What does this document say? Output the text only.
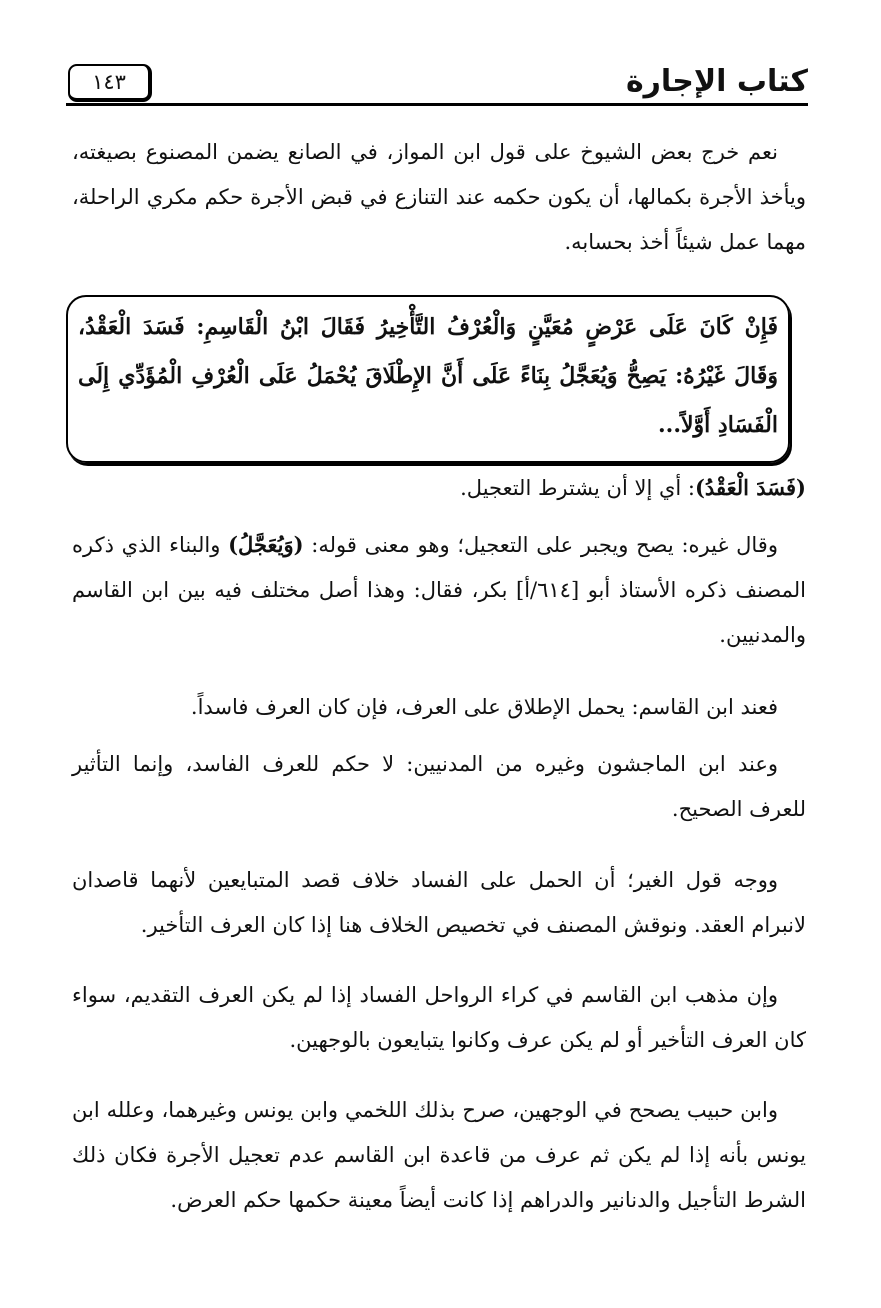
كتاب الإجارة
١٤٣

نعم خرج بعض الشيوخ على قول ابن المواز، في الصانع يضمن المصنوع بصيغته، ويأخذ الأجرة بكمالها، أن يكون حكمه عند التنازع في قبض الأجرة حكم مكري الراحلة، مهما عمل شيئاً أخذ بحسابه.

فَإِنْ كَانَ عَلَى عَرْضٍ مُعَيَّنٍ وَالْعُرْفُ التَّأْخِيرُ فَقَالَ ابْنُ الْقَاسِمِ: فَسَدَ الْعَقْدُ، وَقَالَ غَيْرُهُ: يَصِحُّ وَيُعَجَّلُ بِنَاءً عَلَى أَنَّ الإِطْلَاقَ يُحْمَلُ عَلَى الْعُرْفِ الْمُؤَدِّي إِلَى الْفَسَادِ أَوَّلاً...

(فَسَدَ الْعَقْدُ): أي إلا أن يشترط التعجيل.

وقال غيره: يصح ويجبر على التعجيل؛ وهو معنى قوله: (وَيُعَجَّلُ) والبناء الذي ذكره المصنف ذكره الأستاذ أبو [٦١٤/أ] بكر، فقال: وهذا أصل مختلف فيه بين ابن القاسم والمدنيين.

فعند ابن القاسم: يحمل الإطلاق على العرف، فإن كان العرف فاسداً.

وعند ابن الماجشون وغيره من المدنيين: لا حكم للعرف الفاسد، وإنما التأثير للعرف الصحيح.

ووجه قول الغير؛ أن الحمل على الفساد خلاف قصد المتبايعين لأنهما قاصدان لانبرام العقد. ونوقش المصنف في تخصيص الخلاف هنا إذا كان العرف التأخير.

وإن مذهب ابن القاسم في كراء الرواحل الفساد إذا لم يكن العرف التقديم، سواء كان العرف التأخير أو لم يكن عرف وكانوا يتبايعون بالوجهين.

وابن حبيب يصحح في الوجهين، صرح بذلك اللخمي وابن يونس وغيرهما، وعلله ابن يونس بأنه إذا لم يكن ثم عرف من قاعدة ابن القاسم عدم تعجيل الأجرة فكان ذلك الشرط التأجيل والدنانير والدراهم إذا كانت أيضاً معينة حكمها حكم العرض.
